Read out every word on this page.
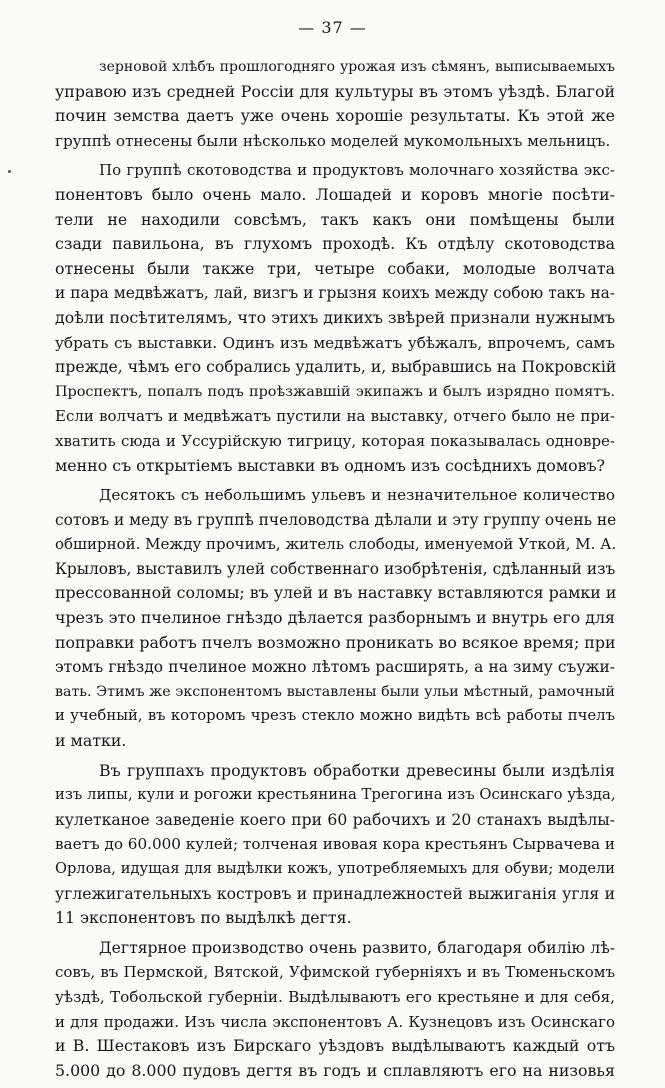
— 37 —
зерновой хлѣбъ прошлогодняго урожая изъ сѣмянъ, выписываемыхъ
управою изъ средней Россіи для культуры въ этомъ уѣздѣ. Благой
почин земства даетъ уже очень хорошіе результаты. Къ этой же
группѣ отнесены были нѣсколько моделей мукомольныхъ мельницъ.
По группѣ скотоводства и продуктовъ молочнаго хозяйства экс-
понентовъ было очень мало. Лошадей и коровъ многіе посѣти-
тели не находили совсѣмъ, такъ какъ они помѣщены были
сзади павильона, въ глухомъ проходѣ. Къ отдѣлу скотоводства
отнесены были также три, четыре собаки, молодые волчата
и пара медвѣжатъ, лай, визгъ и грызня коихъ между собою такъ на-
доѣли посѣтителямъ, что этихъ дикихъ звѣрей признали нужнымъ
убрать съ выставки. Одинъ изъ медвѣжатъ убѣжалъ, впрочемъ, самъ
прежде, чѣмъ его собрались удалить, и, выбравшись на Покровскій
Проспектъ, попалъ подъ проѣзжавшій экипажъ и былъ изрядно помятъ.
Если волчатъ и медвѣжатъ пустили на выставку, отчего было не при-
хватить сюда и Уссурійскую тигрицу, которая показывалась одновре-
менно съ открытіемъ выставки въ одномъ изъ сосѣднихъ домовъ?
Десятокъ съ небольшимъ ульевъ и незначительное количество
сотовъ и меду въ группѣ пчеловодства дѣлали и эту группу очень не
обширной. Между прочимъ, житель слободы, именуемой Уткой, М. А.
Крыловъ, выставилъ улей собственнаго изобрѣтенія, сдѣланный изъ
прессованной соломы; въ улей и въ наставку вставляются рамки и
чрезъ это пчелиное гнѣздо дѣлается разборнымъ и внутрь его для
поправки работъ пчелъ возможно проникать во всякое время; при
этомъ гнѣздо пчелиное можно лѣтомъ расширять, а на зиму съужи-
вать. Этимъ же экспонентомъ выставлены были ульи мѣстный, рамочный
и учебный, въ которомъ чрезъ стекло можно видѣть всѣ работы пчелъ
и матки.
Въ группахъ продуктовъ обработки древесины были издѣлія
изъ липы, кули и рогожи крестьянина Трегогина изъ Осинскаго уѣзда,
кулетканое заведеніе коего при 60 рабочихъ и 20 станахъ выдѣлы-
ваетъ до 60.000 кулей; толченая ивовая кора крестьянъ Сырвачева и
Орлова, идущая для выдѣлки кожъ, употребляемыхъ для обуви; модели
углежигательныхъ костровъ и принадлежностей выжиганія угля и
11 экспонентовъ по выдѣлкѣ дегтя.
Дегтярное производство очень развито, благодаря обилію лѣ-
совъ, въ Пермской, Вятской, Уфимской губерніяхъ и въ Тюменьскомъ
уѣздѣ, Тобольской губерніи. Выдѣлываютъ его крестьяне и для себя,
и для продажи. Изъ числа экспонентовъ А. Кузнецовъ изъ Осинскаго
и В. Шестаковъ изъ Бирскаго уѣздовъ выдѣлываютъ каждый отъ
5.000 до 8.000 пудовъ дегтя въ годъ и сплавляютъ его на низовья
